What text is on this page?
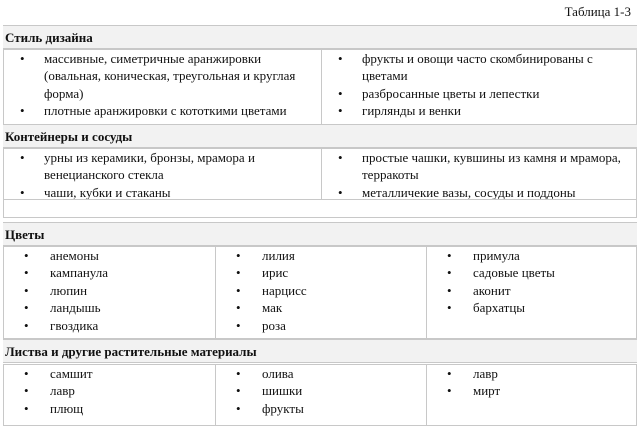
Таблица 1-3
Стиль дизайна
• массивные, симетричные аранжировки (овальная, коническая, треугольная и круглая форма)
• плотные аранжировки с кототкими цветами
• фрукты и овощи часто скомбинированы с цветами
• разбросанные цветы и лепестки
• гирлянды и венки
Контейнеры и сосуды
• урны из керамики, бронзы, мрамора и венецианского стекла
• чаши, кубки и стаканы
• простые чашки, кувшины из камня и мрамора, терракоты
• металличекие вазы, сосуды и поддоны
Цветы
• анемоны
• кампанула
• люпин
• ландышь
• гвоздика
• лилия
• ирис
• нарцисс
• мак
• роза
• примула
• садовые цветы
• аконит
• бархатцы
Листва и другие растительные материалы
• самшит
• лавр
• плющ
• олива
• шишки
• фрукты
• лавр
• мирт
